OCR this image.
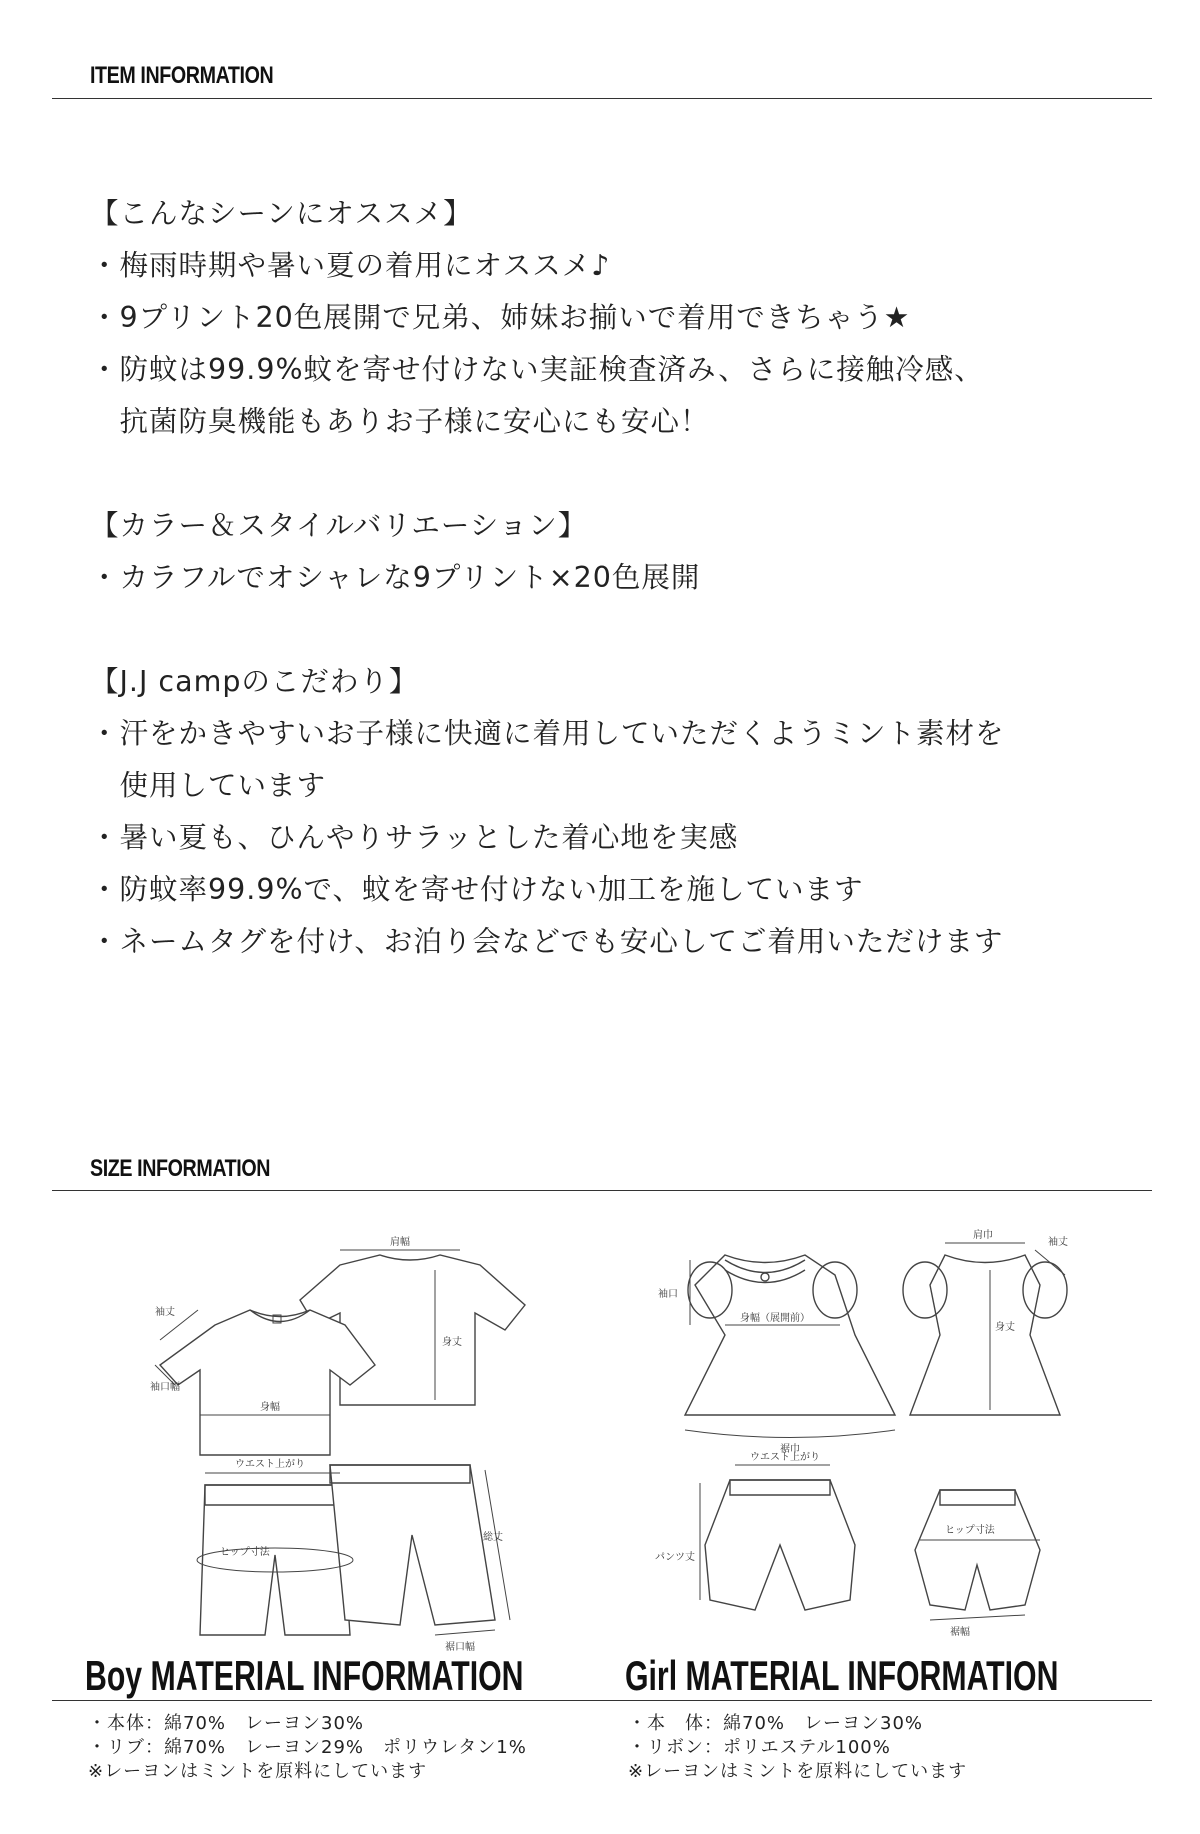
ITEM INFORMATION
【こんなシーンにオススメ】
・梅雨時期や暑い夏の着用にオススメ♪
・9プリント20色展開で兄弟、姉妹お揃いで着用できちゃう★
・防蚊は99.9%蚊を寄せ付けない実証検査済み、さらに接触冷感、
　抗菌防臭機能もありお子様に安心にも安心！
【カラー＆スタイルバリエーション】
・カラフルでオシャレな9プリント×20色展開
【J.J campのこだわり】
・汗をかきやすいお子様に快適に着用していただくようミント素材を
　使用しています
・暑い夏も、ひんやりサラッとした着心地を実感
・防蚊率99.9%で、蚊を寄せ付けない加工を施しています
・ネームタグを付け、お泊り会などでも安心してご着用いただけます
SIZE INFORMATION
肩幅
袖丈
袖口幅
身幅
身丈
ウエスト上がり
ヒップ寸法
総丈
裾口幅
肩巾
袖丈
袖口
身幅（展開前）
身丈
裾巾
ウエスト上がり
パンツ丈
ヒップ寸法
裾幅
Boy MATERIAL INFORMATION Girl MATERIAL INFORMATION
・本体：綿70%　レーヨン30%
・リブ：綿70%　レーヨン29%　ポリウレタン1%
※レーヨンはミントを原料にしています
・本　体：綿70%　レーヨン30%
・リボン：ポリエステル100%
※レーヨンはミントを原料にしています
